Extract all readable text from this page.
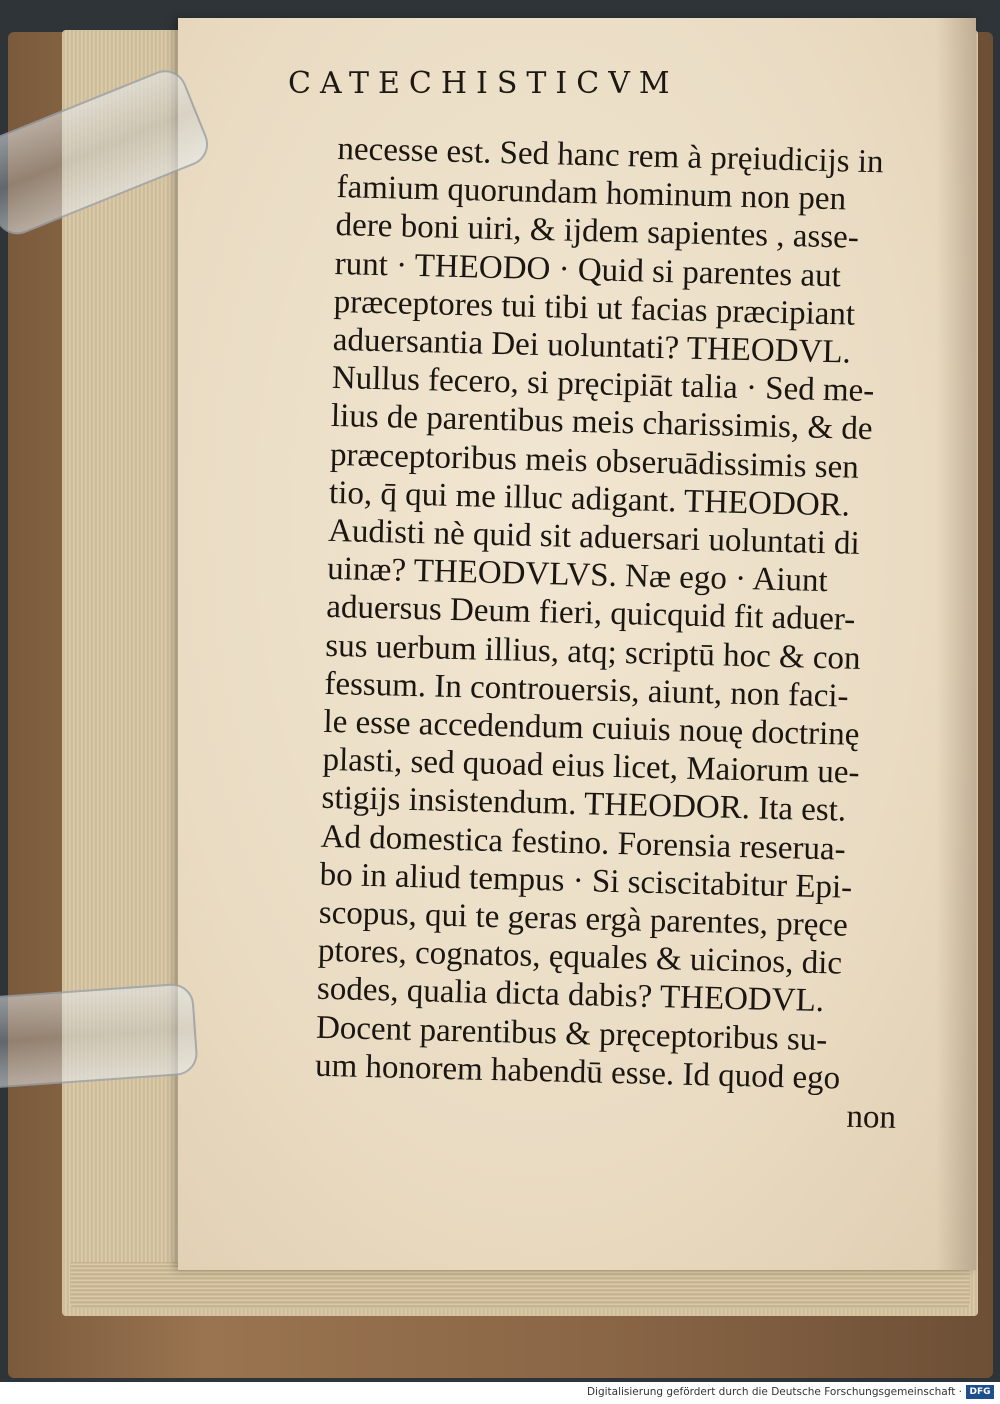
CATECHISTICVM
necesse est. Sed hanc rem à pręiudicijs in
famium quorundam hominum non pen
dere boni uiri, & ijdem sapientes , asse-
runt · THEODO · Quid si parentes aut
præceptores tui tibi ut facias præcipiant
aduersantia Dei uoluntati? THEODVL.
Nullus fecero, si pręcipiāt talia · Sed me-
lius de parentibus meis charissimis, & de
præceptoribus meis obseruādissimis sen
tio, q̄ qui me illuc adigant. THEODOR.
Audisti nè quid sit aduersari uoluntati di
uinæ? THEODVLVS. Næ ego · Aiunt
aduersus Deum fieri, quicquid fit aduer-
sus uerbum illius, atq; scriptū hoc & con
fessum. In controuersis, aiunt, non faci-
le esse accedendum cuiuis nouę doctrinę
plasti, sed quoad eius licet, Maiorum ue-
stigijs insistendum. THEODOR. Ita est.
Ad domestica festino. Forensia reserua-
bo in aliud tempus · Si sciscitabitur Epi-
scopus, qui te geras ergà parentes, pręce
ptores, cognatos, ęquales & uicinos, dic
sodes, qualia dicta dabis? THEODVL.
Docent parentibus & pręceptoribus su-
um honorem habendū esse. Id quod ego
non
Digitalisierung gefördert durch die Deutsche Forschungsgemeinschaft · DFG
